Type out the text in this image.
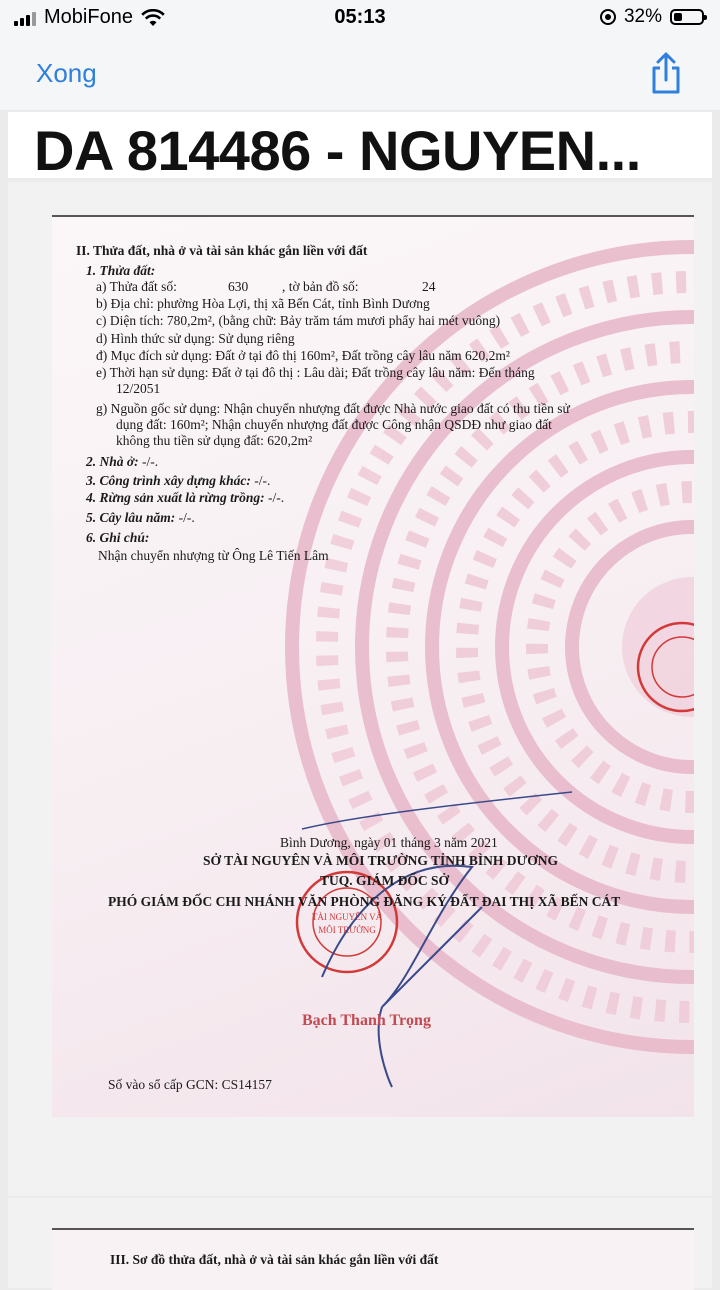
MobiFone	05:13	32%
Xong
DA 814486 - NGUYEN...
TÀI NGUYÊN VÀ
MÔI TRƯỜNG
II. Thửa đất, nhà ở và tài sản khác gắn liền với đất
1. Thửa đất:
a) Thửa đất số:	630	, tờ bản đồ số:	24
b) Địa chỉ: phường Hòa Lợi, thị xã Bến Cát, tỉnh Bình Dương
c) Diện tích: 780,2m², (bằng chữ: Bảy trăm tám mươi phẩy hai mét vuông)
d) Hình thức sử dụng: Sử dụng riêng
đ) Mục đích sử dụng: Đất ở tại đô thị 160m², Đất trồng cây lâu năm 620,2m²
e) Thời hạn sử dụng: Đất ở tại đô thị : Lâu dài; Đất trồng cây lâu năm: Đến tháng
12/2051
g) Nguồn gốc sử dụng: Nhận chuyển nhượng đất được Nhà nước giao đất có thu tiền sử
dụng đất: 160m²; Nhận chuyển nhượng đất được Công nhận QSDĐ như giao đất
không thu tiền sử dụng đất: 620,2m²
2. Nhà ở: -/-.
3. Công trình xây dựng khác: -/-.
4. Rừng sản xuất là rừng trồng: -/-.
5. Cây lâu năm: -/-.
6. Ghi chú:
Nhận chuyển nhượng từ Ông Lê Tiến Lâm
Bình Dương, ngày 01 tháng 3 năm 2021
SỞ TÀI NGUYÊN VÀ MÔI TRƯỜNG TỈNH BÌNH DƯƠNG
TUQ. GIÁM ĐỐC SỞ
PHÓ GIÁM ĐỐC CHI NHÁNH VĂN PHÒNG ĐĂNG KÝ ĐẤT ĐAI THỊ XÃ BẾN CÁT
Số vào sổ cấp GCN: CS14157
Bạch Thanh Trọng
III. Sơ đồ thửa đất, nhà ở và tài sản khác gắn liền với đất
